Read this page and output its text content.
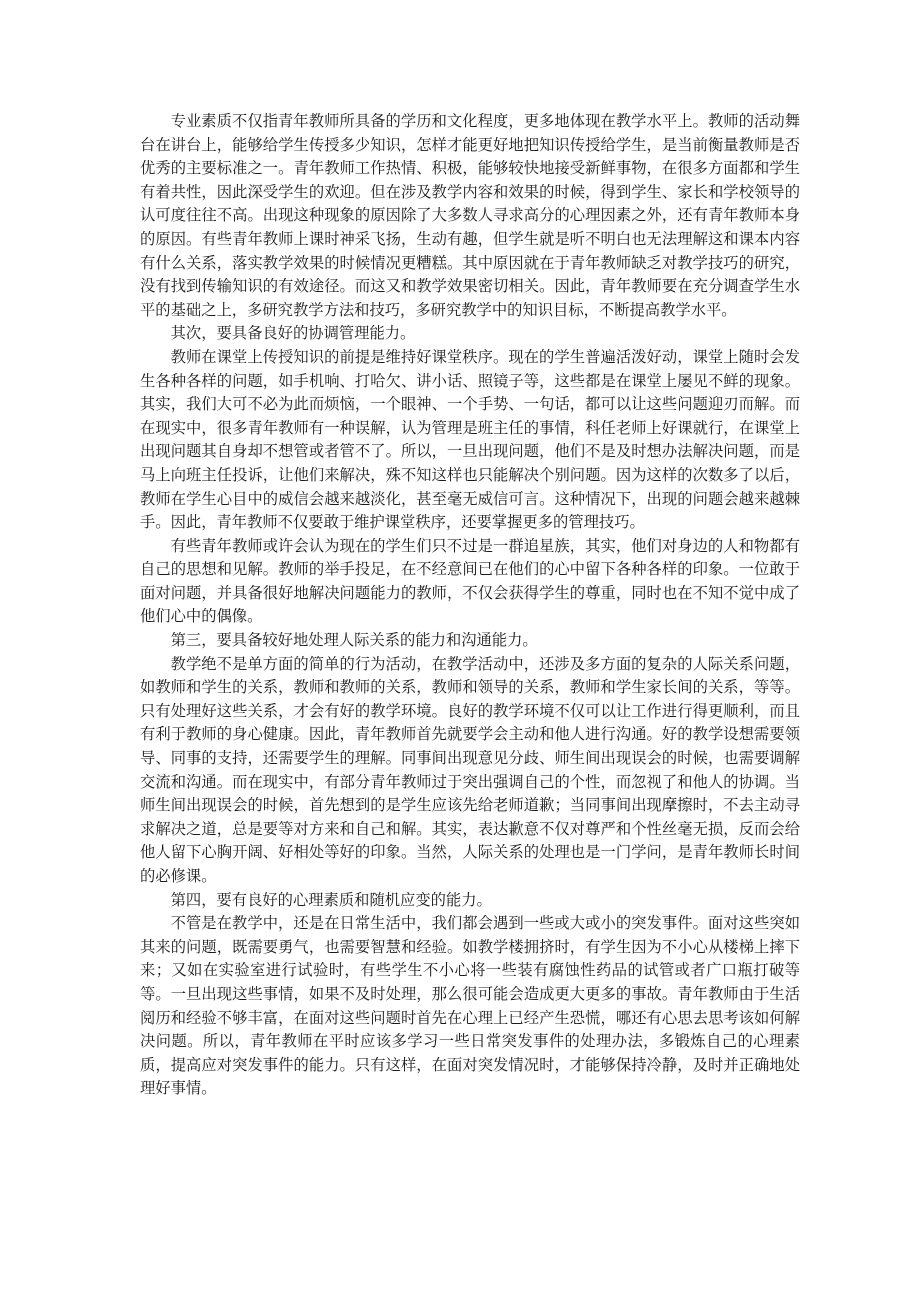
专业素质不仅指青年教师所具备的学历和文化程度，更多地体现在教学水平上。教师的活动舞台在讲台上，能够给学生传授多少知识，怎样才能更好地把知识传授给学生，是当前衡量教师是否优秀的主要标准之一。青年教师工作热情、积极，能够较快地接受新鲜事物，在很多方面都和学生有着共性，因此深受学生的欢迎。但在涉及教学内容和效果的时候，得到学生、家长和学校领导的认可度往往不高。出现这种现象的原因除了大多数人寻求高分的心理因素之外，还有青年教师本身的原因。有些青年教师上课时神采飞扬，生动有趣，但学生就是听不明白也无法理解这和课本内容有什么关系，落实教学效果的时候情况更糟糕。其中原因就在于青年教师缺乏对教学技巧的研究，没有找到传输知识的有效途径。而这又和教学效果密切相关。因此，青年教师要在充分调查学生水平的基础之上，多研究教学方法和技巧，多研究教学中的知识目标，不断提高教学水平。

其次，要具备良好的协调管理能力。

教师在课堂上传授知识的前提是维持好课堂秩序。现在的学生普遍活泼好动，课堂上随时会发生各种各样的问题，如手机响、打哈欠、讲小话、照镜子等，这些都是在课堂上屡见不鲜的现象。其实，我们大可不必为此而烦恼，一个眼神、一个手势、一句话，都可以让这些问题迎刃而解。而在现实中，很多青年教师有一种误解，认为管理是班主任的事情，科任老师上好课就行，在课堂上出现问题其自身却不想管或者管不了。所以，一旦出现问题，他们不是及时想办法解决问题，而是马上向班主任投诉，让他们来解决，殊不知这样也只能解决个别问题。因为这样的次数多了以后，教师在学生心目中的威信会越来越淡化，甚至毫无威信可言。这种情况下，出现的问题会越来越棘手。因此，青年教师不仅要敢于维护课堂秩序，还要掌握更多的管理技巧。

有些青年教师或许会认为现在的学生们只不过是一群追星族，其实，他们对身边的人和物都有自己的思想和见解。教师的举手投足，在不经意间已在他们的心中留下各种各样的印象。一位敢于面对问题，并具备很好地解决问题能力的教师，不仅会获得学生的尊重，同时也在不知不觉中成了他们心中的偶像。

第三，要具备较好地处理人际关系的能力和沟通能力。

教学绝不是单方面的简单的行为活动，在教学活动中，还涉及多方面的复杂的人际关系问题，如教师和学生的关系，教师和教师的关系，教师和领导的关系，教师和学生家长间的关系，等等。只有处理好这些关系，才会有好的教学环境。良好的教学环境不仅可以让工作进行得更顺利，而且有利于教师的身心健康。因此，青年教师首先就要学会主动和他人进行沟通。好的教学设想需要领导、同事的支持，还需要学生的理解。同事间出现意见分歧、师生间出现误会的时候，也需要调解交流和沟通。而在现实中，有部分青年教师过于突出强调自己的个性，而忽视了和他人的协调。当师生间出现误会的时候，首先想到的是学生应该先给老师道歉；当同事间出现摩擦时，不去主动寻求解决之道，总是要等对方来和自己和解。其实，表达歉意不仅对尊严和个性丝毫无损，反而会给他人留下心胸开阔、好相处等好的印象。当然，人际关系的处理也是一门学问，是青年教师长时间的必修课。

第四，要有良好的心理素质和随机应变的能力。

不管是在教学中，还是在日常生活中，我们都会遇到一些或大或小的突发事件。面对这些突如其来的问题，既需要勇气，也需要智慧和经验。如教学楼拥挤时，有学生因为不小心从楼梯上摔下来；又如在实验室进行试验时，有些学生不小心将一些装有腐蚀性药品的试管或者广口瓶打破等等。一旦出现这些事情，如果不及时处理，那么很可能会造成更大更多的事故。青年教师由于生活阅历和经验不够丰富，在面对这些问题时首先在心理上已经产生恐慌，哪还有心思去思考该如何解决问题。所以，青年教师在平时应该多学习一些日常突发事件的处理办法，多锻炼自己的心理素质，提高应对突发事件的能力。只有这样，在面对突发情况时，才能够保持冷静，及时并正确地处理好事情。
